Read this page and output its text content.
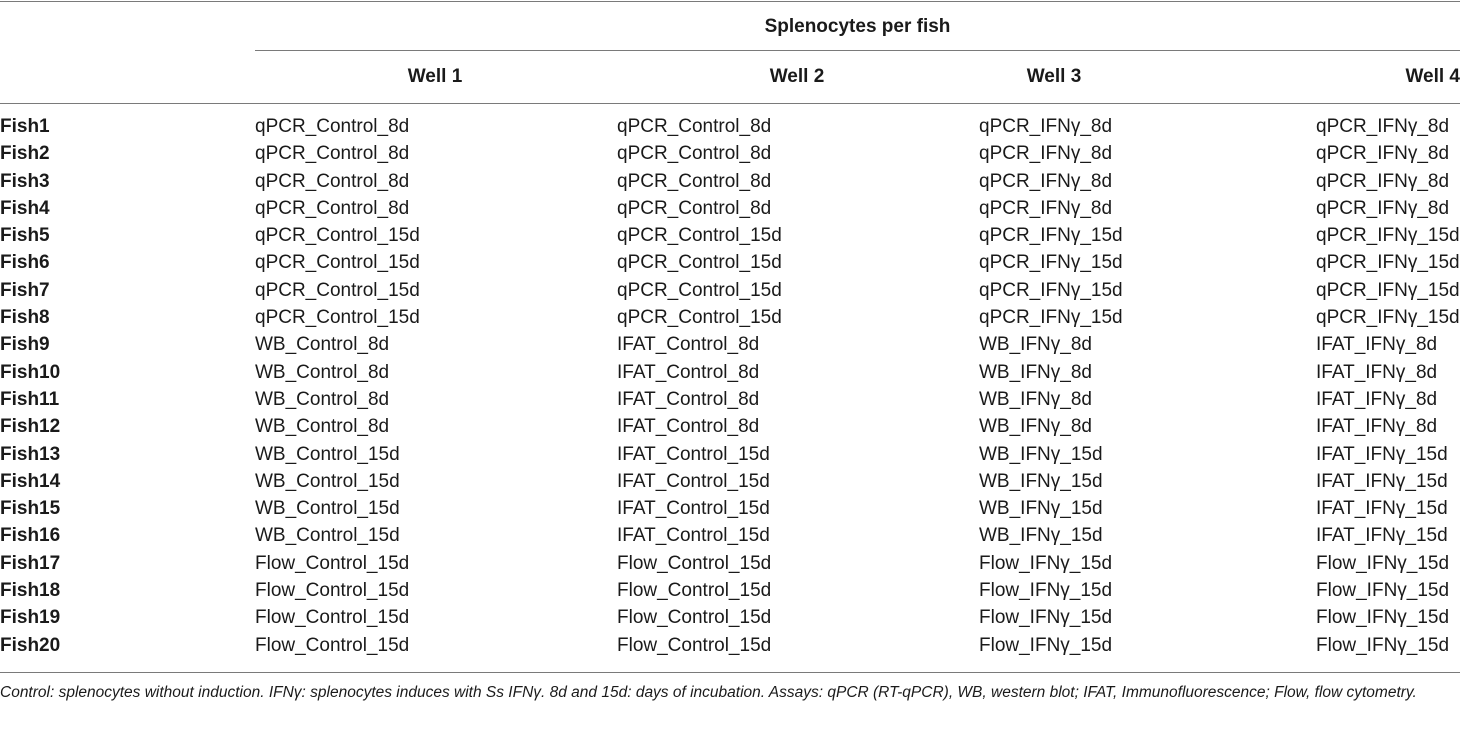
Splenocytes per fish
Well 1	Well 2	Well 3	Well 4
Fish1	qPCR_Control_8d	qPCR_Control_8d	qPCR_IFNγ_8d	qPCR_IFNγ_8d
Fish2	qPCR_Control_8d	qPCR_Control_8d	qPCR_IFNγ_8d	qPCR_IFNγ_8d
Fish3	qPCR_Control_8d	qPCR_Control_8d	qPCR_IFNγ_8d	qPCR_IFNγ_8d
Fish4	qPCR_Control_8d	qPCR_Control_8d	qPCR_IFNγ_8d	qPCR_IFNγ_8d
Fish5	qPCR_Control_15d	qPCR_Control_15d	qPCR_IFNγ_15d	qPCR_IFNγ_15d
Fish6	qPCR_Control_15d	qPCR_Control_15d	qPCR_IFNγ_15d	qPCR_IFNγ_15d
Fish7	qPCR_Control_15d	qPCR_Control_15d	qPCR_IFNγ_15d	qPCR_IFNγ_15d
Fish8	qPCR_Control_15d	qPCR_Control_15d	qPCR_IFNγ_15d	qPCR_IFNγ_15d
Fish9	WB_Control_8d	IFAT_Control_8d	WB_IFNγ_8d	IFAT_IFNγ_8d
Fish10	WB_Control_8d	IFAT_Control_8d	WB_IFNγ_8d	IFAT_IFNγ_8d
Fish11	WB_Control_8d	IFAT_Control_8d	WB_IFNγ_8d	IFAT_IFNγ_8d
Fish12	WB_Control_8d	IFAT_Control_8d	WB_IFNγ_8d	IFAT_IFNγ_8d
Fish13	WB_Control_15d	IFAT_Control_15d	WB_IFNγ_15d	IFAT_IFNγ_15d
Fish14	WB_Control_15d	IFAT_Control_15d	WB_IFNγ_15d	IFAT_IFNγ_15d
Fish15	WB_Control_15d	IFAT_Control_15d	WB_IFNγ_15d	IFAT_IFNγ_15d
Fish16	WB_Control_15d	IFAT_Control_15d	WB_IFNγ_15d	IFAT_IFNγ_15d
Fish17	Flow_Control_15d	Flow_Control_15d	Flow_IFNγ_15d	Flow_IFNγ_15d
Fish18	Flow_Control_15d	Flow_Control_15d	Flow_IFNγ_15d	Flow_IFNγ_15d
Fish19	Flow_Control_15d	Flow_Control_15d	Flow_IFNγ_15d	Flow_IFNγ_15d
Fish20	Flow_Control_15d	Flow_Control_15d	Flow_IFNγ_15d	Flow_IFNγ_15d
Control: splenocytes without induction. IFNγ: splenocytes induces with Ss IFNγ. 8d and 15d: days of incubation. Assays: qPCR (RT-qPCR), WB, western blot; IFAT, Immunofluorescence; Flow, flow cytometry.
